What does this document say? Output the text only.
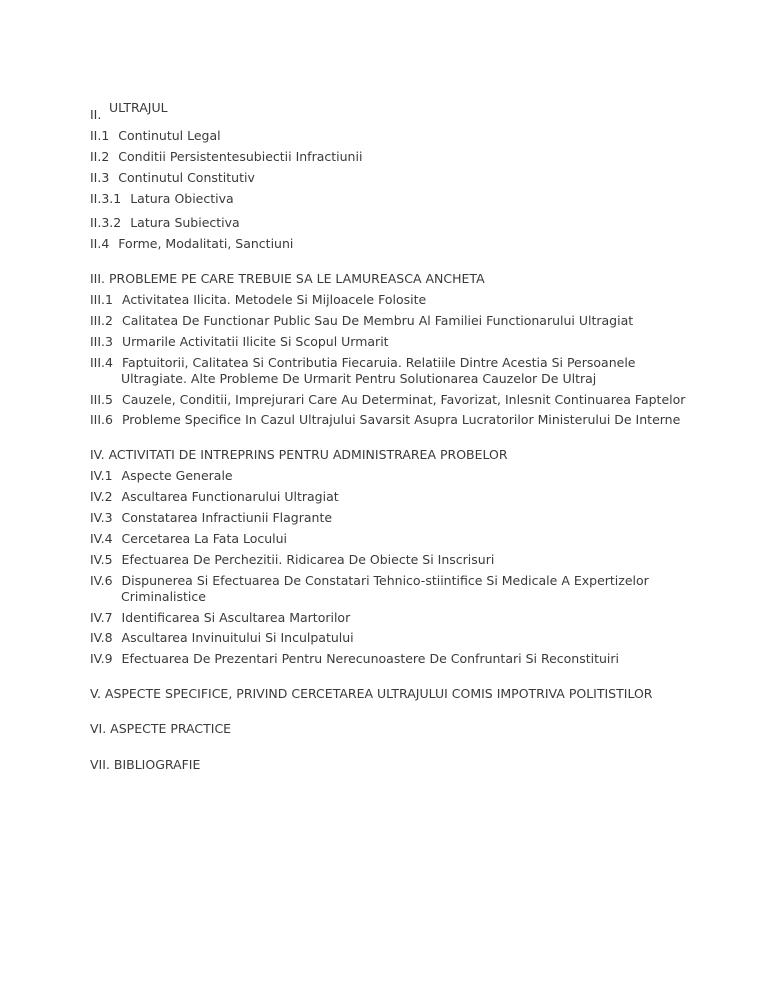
II. ULTRAJUL
II.1 Continutul Legal
II.2 Conditii Persistentesubiectii Infractiunii
II.3 Continutul Constitutiv
II.3.1 Latura Obiectiva
II.3.2 Latura Subiectiva
II.4 Forme, Modalitati, Sanctiuni
III. PROBLEME PE CARE TREBUIE SA LE LAMUREASCA ANCHETA
III.1 Activitatea Ilicita. Metodele Si Mijloacele Folosite
III.2 Calitatea De Functionar Public Sau De Membru Al Familiei Functionarului Ultragiat
III.3 Urmarile Activitatii Ilicite Si Scopul Urmarit
III.4 Faptuitorii, Calitatea Si Contributia Fiecaruia. Relatiile Dintre Acestia Si Persoanele
Ultragiate. Alte Probleme De Urmarit Pentru Solutionarea Cauzelor De Ultraj
III.5 Cauzele, Conditii, Imprejurari Care Au Determinat, Favorizat, Inlesnit Continuarea Faptelor
III.6 Probleme Specifice In Cazul Ultrajului Savarsit Asupra Lucratorilor Ministerului De Interne
IV. ACTIVITATI DE INTREPRINS PENTRU ADMINISTRAREA PROBELOR
IV.1 Aspecte Generale
IV.2 Ascultarea Functionarului Ultragiat
IV.3 Constatarea Infractiunii Flagrante
IV.4 Cercetarea La Fata Locului
IV.5 Efectuarea De Perchezitii. Ridicarea De Obiecte Si Inscrisuri
IV.6 Dispunerea Si Efectuarea De Constatari Tehnico-stiintifice Si Medicale A Expertizelor
Criminalistice
IV.7 Identificarea Si Ascultarea Martorilor
IV.8 Ascultarea Invinuitului Si Inculpatului
IV.9 Efectuarea De Prezentari Pentru Nerecunoastere De Confruntari Si Reconstituiri
V. ASPECTE SPECIFICE, PRIVIND CERCETAREA ULTRAJULUI COMIS IMPOTRIVA POLITISTILOR
VI. ASPECTE PRACTICE
VII. BIBLIOGRAFIE
